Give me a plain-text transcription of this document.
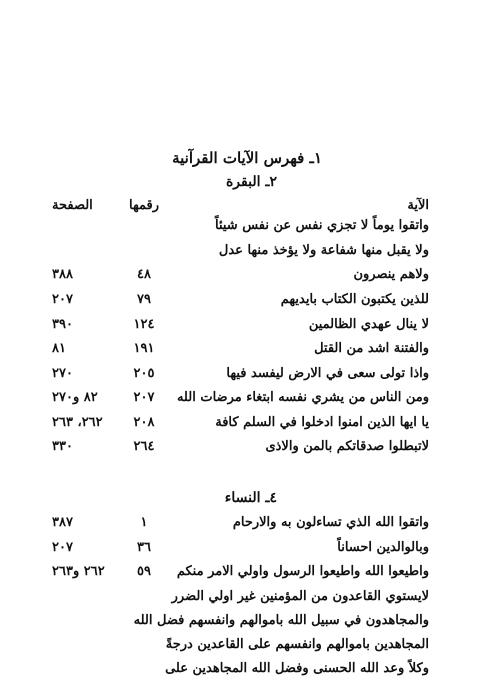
١ـ فهرس الآيات القرآنية
٢ـ البقرة
الآية
رقمها
الصفحة
واتقوا يوماً لا تجزي نفس عن نفس شيئاً
ولا يقبل منها شفاعة ولا يؤخذ منها عدل
ولاهم ينصرون
٤٨
٣٨٨
للذين يكتبون الكتاب بايديهم
٧٩
٢٠٧
لا ينال عهدي الظالمين
١٢٤
٣٩٠
والفتنة اشد من القتل
١٩١
٨١
واذا تولى سعى في الارض ليفسد فيها
٢٠٥
٢٧٠
ومن الناس من يشري نفسه ابتغاء مرضات الله
٢٠٧
٨٢ و٢٧٠
يا ايها الذين امنوا ادخلوا في السلم كافة
٢٠٨
٢٦٢، ٢٦٣
لاتبطلوا صدقاتكم بالمن والاذى
٢٦٤
٣٣٠
٤ـ النساء
واتقوا الله الذي تساءلون به والارحام
١
٣٨٧
وبالوالدين احساناً
٣٦
٢٠٧
واطيعوا الله واطيعوا الرسول واولي الامر منكم
٥٩
٢٦٢ و٢٦٣
لايستوي القاعدون من المؤمنين غير اولي الضرر
والمجاهدون في سبيل الله باموالهم وانفسهم فضل الله
المجاهدين باموالهم وانفسهم على القاعدين درجةً
وكلاً وعد الله الحسنى وفضل الله المجاهدين على
